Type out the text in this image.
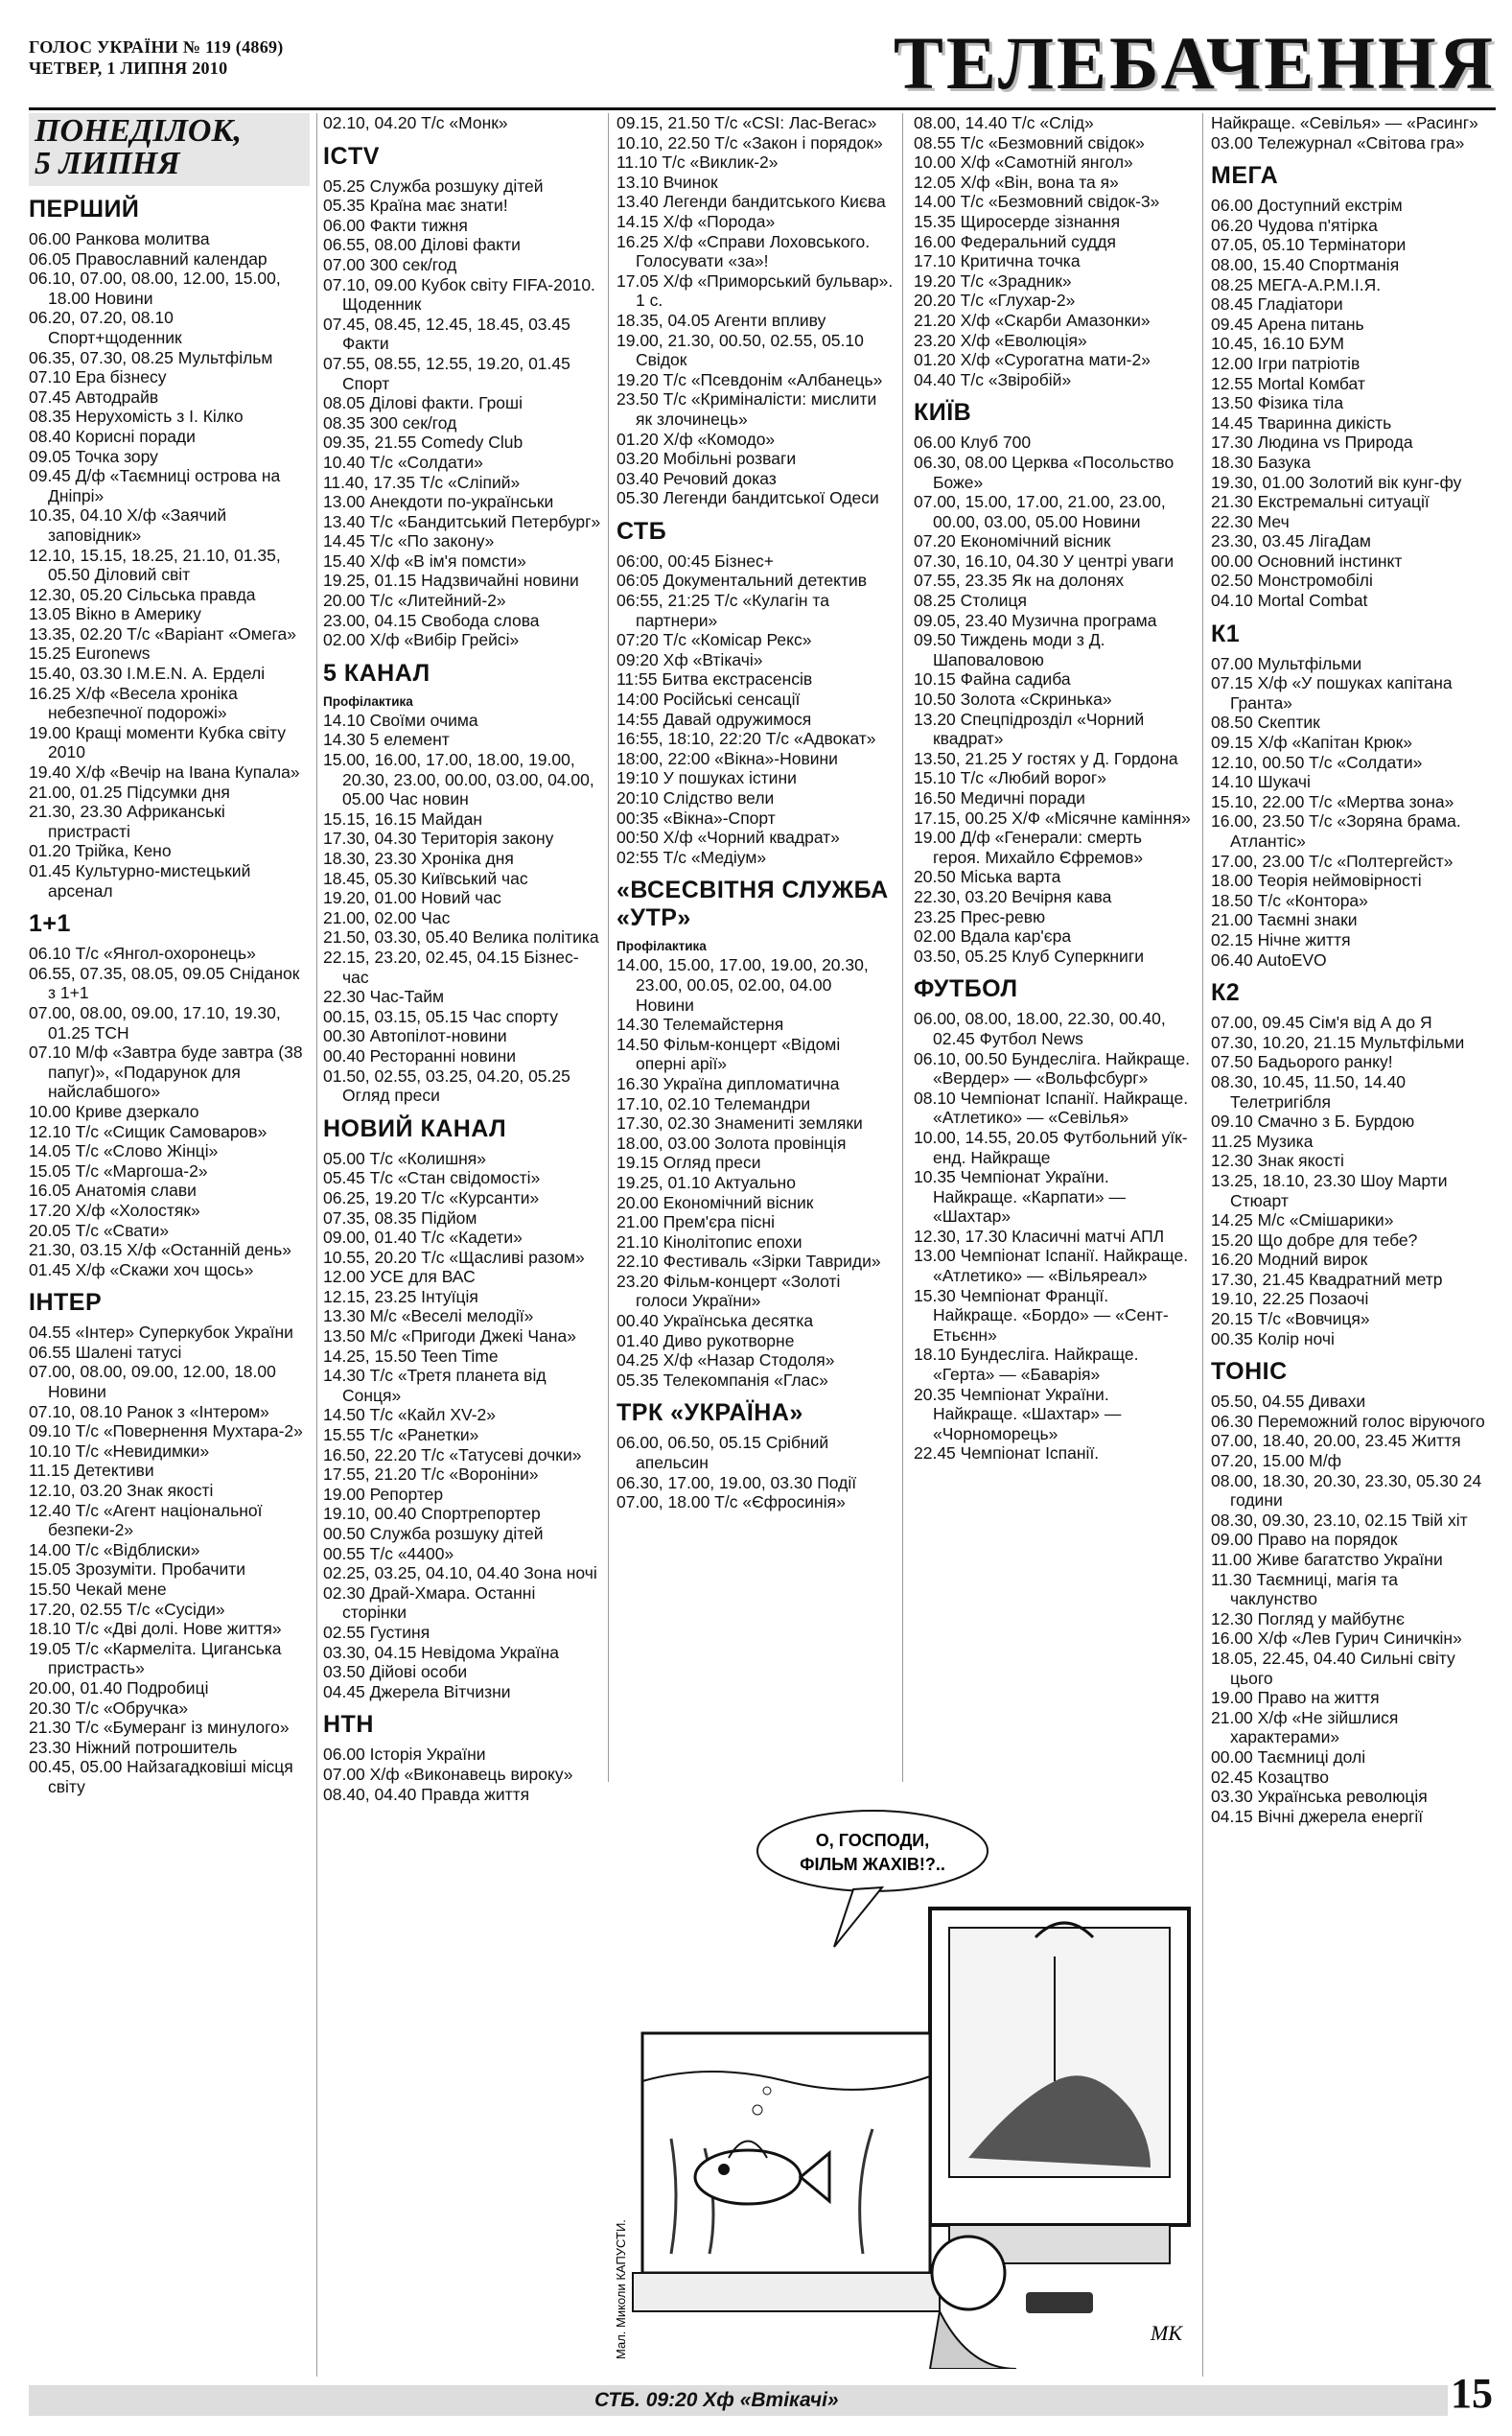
ГОЛОС УКРАЇНИ № 119 (4869)
ЧЕТВЕР, 1 ЛИПНЯ 2010	ТЕЛЕБАЧЕННЯ
ПОНЕДІЛОК,
5 ЛИПНЯ
ПЕРШИЙ
06.00 Ранкова молитва
06.05 Православний календар
06.10, 07.00, 08.00, 12.00, 15.00, 18.00 Новини
06.20, 07.20, 08.10 Спорт+щоденник
06.35, 07.30, 08.25 Мультфільм
07.10 Ера бізнесу
07.45 Автодрайв
08.35 Нерухомість з І. Кілко
08.40 Корисні поради
09.05 Точка зору
09.45 Д/ф «Таємниці острова на Дніпрі»
10.35, 04.10 Х/ф «Заячий заповідник»
12.10, 15.15, 18.25, 21.10, 01.35, 05.50 Діловий світ
12.30, 05.20 Сільська правда
13.05 Вікно в Америку
13.35, 02.20 Т/с «Варіант «Омега»
15.25 Euronews
15.40, 03.30 І.М.Е.N. А. Ерделі
16.25 Х/ф «Весела хроніка небезпечної подорожі»
19.00 Кращі моменти Кубка світу 2010
19.40 Х/ф «Вечір на Івана Купала»
21.00, 01.25 Підсумки дня
21.30, 23.30 Африканські пристрасті
01.20 Трійка, Кено
01.45 Культурно-мистецький арсенал
1+1
06.10 Т/с «Янгол-охоронець»
06.55, 07.35, 08.05, 09.05 Сніданок з 1+1
07.00, 08.00, 09.00, 17.10, 19.30, 01.25 ТСН
07.10 М/ф «Завтра буде завтра (38 папуг)», «Подарунок для найслабшого»
10.00 Криве дзеркало
12.10 Т/с «Сищик Самоваров»
14.05 Т/с «Слово Жінці»
15.05 Т/с «Маргоша-2»
16.05 Анатомія слави
17.20 Х/ф «Холостяк»
20.05 Т/с «Свати»
21.30, 03.15 Х/ф «Останній день»
01.45 Х/ф «Скажи хоч щось»
ІНТЕР
04.55 «Інтер» Суперкубок України
06.55 Шалені татусі
07.00, 08.00, 09.00, 12.00, 18.00 Новини
07.10, 08.10 Ранок з «Інтером»
09.10 Т/с «Повернення Мухтара-2»
10.10 Т/с «Невидимки»
11.15 Детективи
12.10, 03.20 Знак якості
12.40 Т/с «Агент національної безпеки-2»
14.00 Т/с «Відблиски»
15.05 Зрозуміти. Пробачити
15.50 Чекай мене
17.20, 02.55 Т/с «Сусіди»
18.10 Т/с «Дві долі. Нове життя»
19.05 Т/с «Кармеліта. Циганська пристрасть»
20.00, 01.40 Подробиці
20.30 Т/с «Обручка»
21.30 Т/с «Бумеранг із минулого»
23.30 Ніжний потрошитель
00.45, 05.00 Найзагадковіші місця світу
02.10, 04.20 Т/с «Монк»
ICTV
05.25 Служба розшуку дітей
05.35 Країна має знати!
06.00 Факти тижня
06.55, 08.00 Ділові факти
07.00 300 сек/год
07.10, 09.00 Кубок світу FIFA-2010. Щоденник
07.45, 08.45, 12.45, 18.45, 03.45 Факти
07.55, 08.55, 12.55, 19.20, 01.45 Спорт
08.05 Ділові факти. Гроші
08.35 300 сек/год
09.35, 21.55 Comedy Club
10.40 Т/с «Солдати»
11.40, 17.35 Т/с «Сліпий»
13.00 Анекдоти по-українськи
13.40 Т/с «Бандитський Петербург»
14.45 Т/с «По закону»
15.40 Х/ф «В ім'я помсти»
19.25, 01.15 Надзвичайні новини
20.00 Т/с «Литейний-2»
23.00, 04.15 Свобода слова
02.00 Х/ф «Вибір Грейсі»
5 КАНАЛ
Профілактика
14.10 Своїми очима
14.30 5 елемент
15.00, 16.00, 17.00, 18.00, 19.00, 20.30, 23.00, 00.00, 03.00, 04.00, 05.00 Час новин
15.15, 16.15 Майдан
17.30, 04.30 Територія закону
18.30, 23.30 Хроніка дня
18.45, 05.30 Київський час
19.20, 01.00 Новий час
21.00, 02.00 Час
21.50, 03.30, 05.40 Велика політика
22.15, 23.20, 02.45, 04.15 Бізнес-час
22.30 Час-Тайм
00.15, 03.15, 05.15 Час спорту
00.30 Автопілот-новини
00.40 Ресторанні новини
01.50, 02.55, 03.25, 04.20, 05.25 Огляд преси
НОВИЙ КАНАЛ
05.00 Т/с «Колишня»
05.45 Т/с «Стан свідомості»
06.25, 19.20 Т/с «Курсанти»
07.35, 08.35 Підйом
09.00, 01.40 Т/с «Кадети»
10.55, 20.20 Т/с «Щасливі разом»
12.00 УСЕ для ВАС
12.15, 23.25 Інтуїція
13.30 М/с «Веселі мелодії»
13.50 М/с «Пригоди Джекі Чана»
14.25, 15.50 Teen Time
14.30 Т/с «Третя планета від Сонця»
14.50 Т/с «Кайл XV-2»
15.55 Т/с «Ранетки»
16.50, 22.20 Т/с «Татусеві дочки»
17.55, 21.20 Т/с «Вороніни»
19.00 Репортер
19.10, 00.40 Спортрепортер
00.50 Служба розшуку дітей
00.55 Т/с «4400»
02.25, 03.25, 04.10, 04.40 Зона ночі
02.30 Драй-Хмара. Останні сторінки
02.55 Густиня
03.30, 04.15 Невідома Україна
03.50 Дійові особи
04.45 Джерела Вітчизни
НТН
06.00 Історія України
07.00 Х/ф «Виконавець вироку»
08.40, 04.40 Правда життя
09.15, 21.50 Т/с «CSI: Лас-Вегас»
10.10, 22.50 Т/с «Закон і порядок»
11.10 Т/с «Виклик-2»
13.10 Вчинок
13.40 Легенди бандитського Києва
14.15 Х/ф «Порода»
16.25 Х/ф «Справи Лоховського. Голосувати «за»!
17.05 Х/ф «Приморський бульвар». 1 с.
18.35, 04.05 Агенти впливу
19.00, 21.30, 00.50, 02.55, 05.10 Свідок
19.20 Т/с «Псевдонім «Албанець»
23.50 Т/с «Криміналісти: мислити як злочинець»
01.20 Х/ф «Комодо»
03.20 Мобільні розваги
03.40 Речовий доказ
05.30 Легенди бандитської Одеси
СТБ
06:00, 00:45 Бізнес+
06:05 Документальний детектив
06:55, 21:25 Т/с «Кулагін та партнери»
07:20 Т/с «Комісар Рекс»
09:20 Хф «Втікачі»
11:55 Битва екстрасенсів
14:00 Російські сенсації
14:55 Давай одружимося
16:55, 18:10, 22:20 Т/с «Адвокат»
18:00, 22:00 «Вікна»-Новини
19:10 У пошуках істини
20:10 Слідство вели
00:35 «Вікна»-Спорт
00:50 Х/ф «Чорний квадрат»
02:55 Т/с «Медіум»
«ВСЕСВІТНЯ СЛУЖБА «УТР»
Профілактика
14.00, 15.00, 17.00, 19.00, 20.30, 23.00, 00.05, 02.00, 04.00 Новини
14.30 Телемайстерня
14.50 Фільм-концерт «Відомі оперні арії»
16.30 Україна дипломатична
17.10, 02.10 Телемандри
17.30, 02.30 Знамениті земляки
18.00, 03.00 Золота провінція
19.15 Огляд преси
19.25, 01.10 Актуально
20.00 Економічний вісник
21.00 Прем'єра пісні
21.10 Кінолітопис епохи
22.10 Фестиваль «Зірки Тавриди»
23.20 Фільм-концерт «Золоті голоси України»
00.40 Українська десятка
01.40 Диво рукотворне
04.25 Х/ф «Назар Стодоля»
05.35 Телекомпанія «Глас»
ТРК «УКРАЇНА»
06.00, 06.50, 05.15 Срібний апельсин
06.30, 17.00, 19.00, 03.30 Події
07.00, 18.00 Т/с «Єфросинія»
08.00, 14.40 Т/с «Слід»
08.55 Т/с «Безмовний свідок»
10.00 Х/ф «Самотній янгол»
12.05 Х/ф «Він, вона та я»
14.00 Т/с «Безмовний свідок-3»
15.35 Щиросерде зізнання
16.00 Федеральний суддя
17.10 Критична точка
19.20 Т/с «Зрадник»
20.20 Т/с «Глухар-2»
21.20 Х/ф «Скарби Амазонки»
23.20 Х/ф «Еволюція»
01.20 Х/ф «Сурогатна мати-2»
04.40 Т/с «Звіробій»
КИЇВ
06.00 Клуб 700
06.30, 08.00 Церква «Посольство Боже»
07.00, 15.00, 17.00, 21.00, 23.00, 00.00, 03.00, 05.00 Новини
07.20 Економічний вісник
07.30, 16.10, 04.30 У центрі уваги
07.55, 23.35 Як на долонях
08.25 Столиця
09.05, 23.40 Музична програма
09.50 Тиждень моди з Д. Шаповаловою
10.15 Файна садиба
10.50 Золота «Скринька»
13.20 Спецпідрозділ «Чорний квадрат»
13.50, 21.25 У гостях у Д. Гордона
15.10 Т/с «Любий ворог»
16.50 Медичні поради
17.15, 00.25 Х/Ф «Місячне каміння»
19.00 Д/ф «Генерали: смерть героя. Михайло Єфремов»
20.50 Міська варта
22.30, 03.20 Вечірня кава
23.25 Прес-ревю
02.00 Вдала кар'єра
03.50, 05.25 Клуб Суперкниги
ФУТБОЛ
06.00, 08.00, 18.00, 22.30, 00.40, 02.45 Футбол News
06.10, 00.50 Бундесліга. Найкраще. «Вердер» — «Вольфсбург»
08.10 Чемпіонат Іспанії. Найкраще. «Атлетико» — «Севілья»
10.00, 14.55, 20.05 Футбольний уїк-енд. Найкраще
10.35 Чемпіонат України. Найкраще. «Карпати» — «Шахтар»
12.30, 17.30 Класичні матчі АПЛ
13.00 Чемпіонат Іспанії. Найкраще. «Атлетико» — «Вільяреал»
15.30 Чемпіонат Франції. Найкраще. «Бордо» — «Сент-Етьєнн»
18.10 Бундесліга. Найкраще. «Герта» — «Баварія»
20.35 Чемпіонат України. Найкраще. «Шахтар» — «Чорноморець»
22.45 Чемпіонат Іспанії.
Найкраще. «Севілья» — «Расинг»
03.00 Тележурнал «Світова гра»
МЕГА
06.00 Доступний екстрім
06.20 Чудова п'ятірка
07.05, 05.10 Термінатори
08.00, 15.40 Спортманія
08.25 МЕГА-А.Р.М.І.Я.
08.45 Гладіатори
09.45 Арена питань
10.45, 16.10 БУМ
12.00 Ігри патріотів
12.55 Mortal Комбат
13.50 Фізика тіла
14.45 Тваринна дикість
17.30 Людина vs Природа
18.30 Базука
19.30, 01.00 Золотий вік кунг-фу
21.30 Екстремальні ситуації
22.30 Меч
23.30, 03.45 ЛігаДам
00.00 Основний інстинкт
02.50 Монстромобілі
04.10 Mortal Combat
К1
07.00 Мультфільми
07.15 Х/ф «У пошуках капітана Гранта»
08.50 Скептик
09.15 Х/ф «Капітан Крюк»
12.10, 00.50 Т/с «Солдати»
14.10 Шукачі
15.10, 22.00 Т/с «Мертва зона»
16.00, 23.50 Т/с «Зоряна брама. Атлантіс»
17.00, 23.00 Т/с «Полтергейст»
18.00 Теорія неймовірності
18.50 Т/с «Контора»
21.00 Таємні знаки
02.15 Нічне життя
06.40 AutoEVO
К2
07.00, 09.45 Сім'я від А до Я
07.30, 10.20, 21.15 Мультфільми
07.50 Бадьорого ранку!
08.30, 10.45, 11.50, 14.40 Телетригібля
09.10 Смачно з Б. Бурдою
11.25 Музика
12.30 Знак якості
13.25, 18.10, 23.30 Шоу Марти Стюарт
14.25 М/с «Смішарики»
15.20 Що добре для тебе?
16.20 Модний вирок
17.30, 21.45 Квадратний метр
19.10, 22.25 Позаочі
20.15 Т/с «Вовчиця»
00.35 Колір ночі
ТОНІС
05.50, 04.55 Дивахи
06.30 Переможний голос віруючого
07.00, 18.40, 20.00, 23.45 Життя
07.20, 15.00 М/ф
08.00, 18.30, 20.30, 23.30, 05.30 24 години
08.30, 09.30, 23.10, 02.15 Твій хіт
09.00 Право на порядок
11.00 Живе багатство України
11.30 Таємниці, магія та чаклунство
12.30 Погляд у майбутнє
16.00 Х/ф «Лев Гурич Синичкін»
18.05, 22.45, 04.40 Сильні світу цього
19.00 Право на життя
21.00 Х/ф «Не зійшлися характерами»
00.00 Таємниці долі
02.45 Козацтво
03.30 Українська революція
04.15 Вічні джерела енергії
О, ГОСПОДИ,
ФІЛЬМ ЖАХІВ!?..
МК
Мал. Миколи КАПУСТИ.
СТБ. 09:20 Хф «Втікачі»	15
